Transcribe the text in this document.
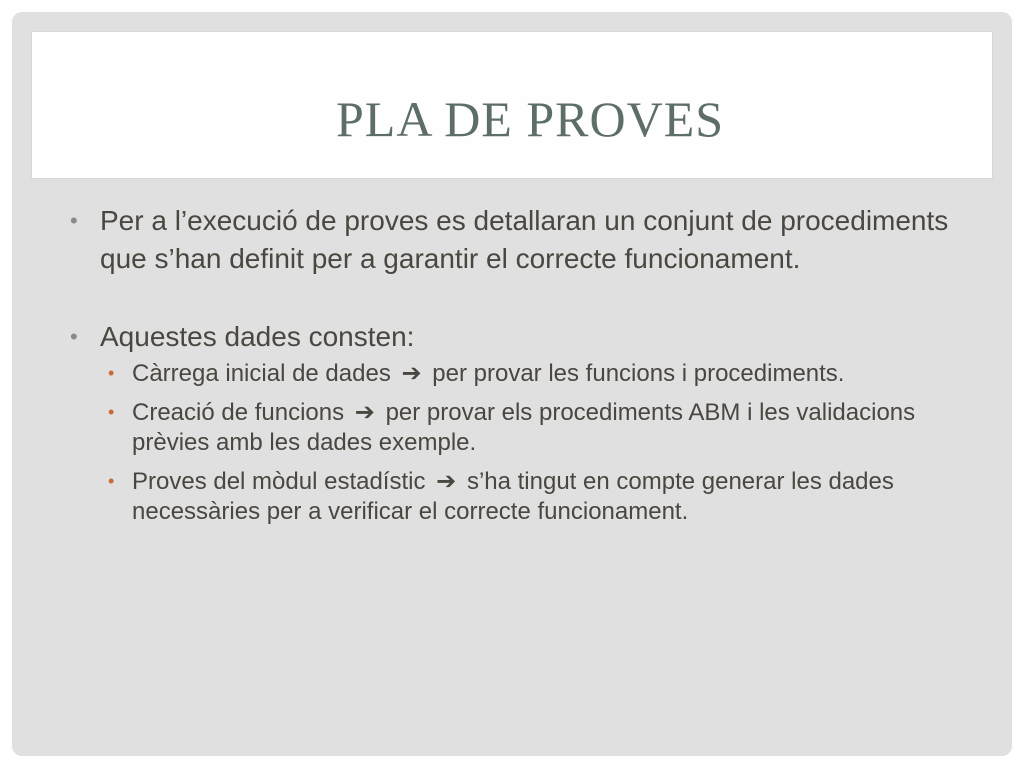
PLA DE PROVES
• Per a l’execució de proves es detallaran un conjunt de procediments que s’han definit per a garantir el correcte funcionament.
• Aquestes dades consten:
• Càrrega inicial de dades ➔ per provar les funcions i procediments.
• Creació de funcions ➔ per provar els procediments ABM i les validacions prèvies amb les dades exemple.
• Proves del mòdul estadístic ➔ s’ha tingut en compte generar les dades necessàries per a verificar el correcte funcionament.
